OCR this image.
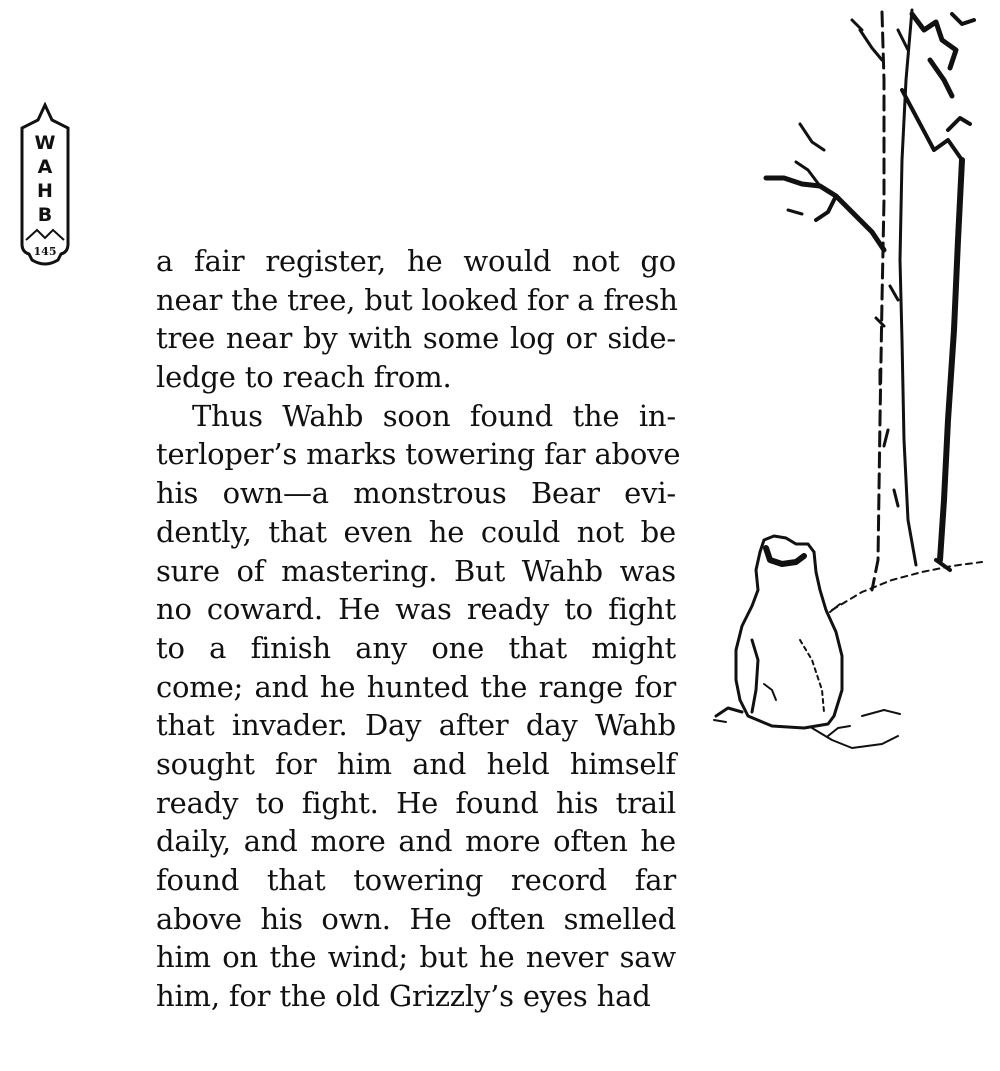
W
A
H
B
145	a fair register, he would not go
near the tree, but looked for a fresh
tree near by with some log or side-
ledge to reach from.
Thus Wahb soon found the in-
terloper’s marks towering far above
his own—a monstrous Bear evi-
dently, that even he could not be
sure of mastering. But Wahb was
no coward. He was ready to fight
to a finish any one that might
come; and he hunted the range for
that invader. Day after day Wahb
sought for him and held himself
ready to fight. He found his trail
daily, and more and more often he
found that towering record far
above his own. He often smelled
him on the wind; but he never saw
him, for the old Grizzly’s eyes had
